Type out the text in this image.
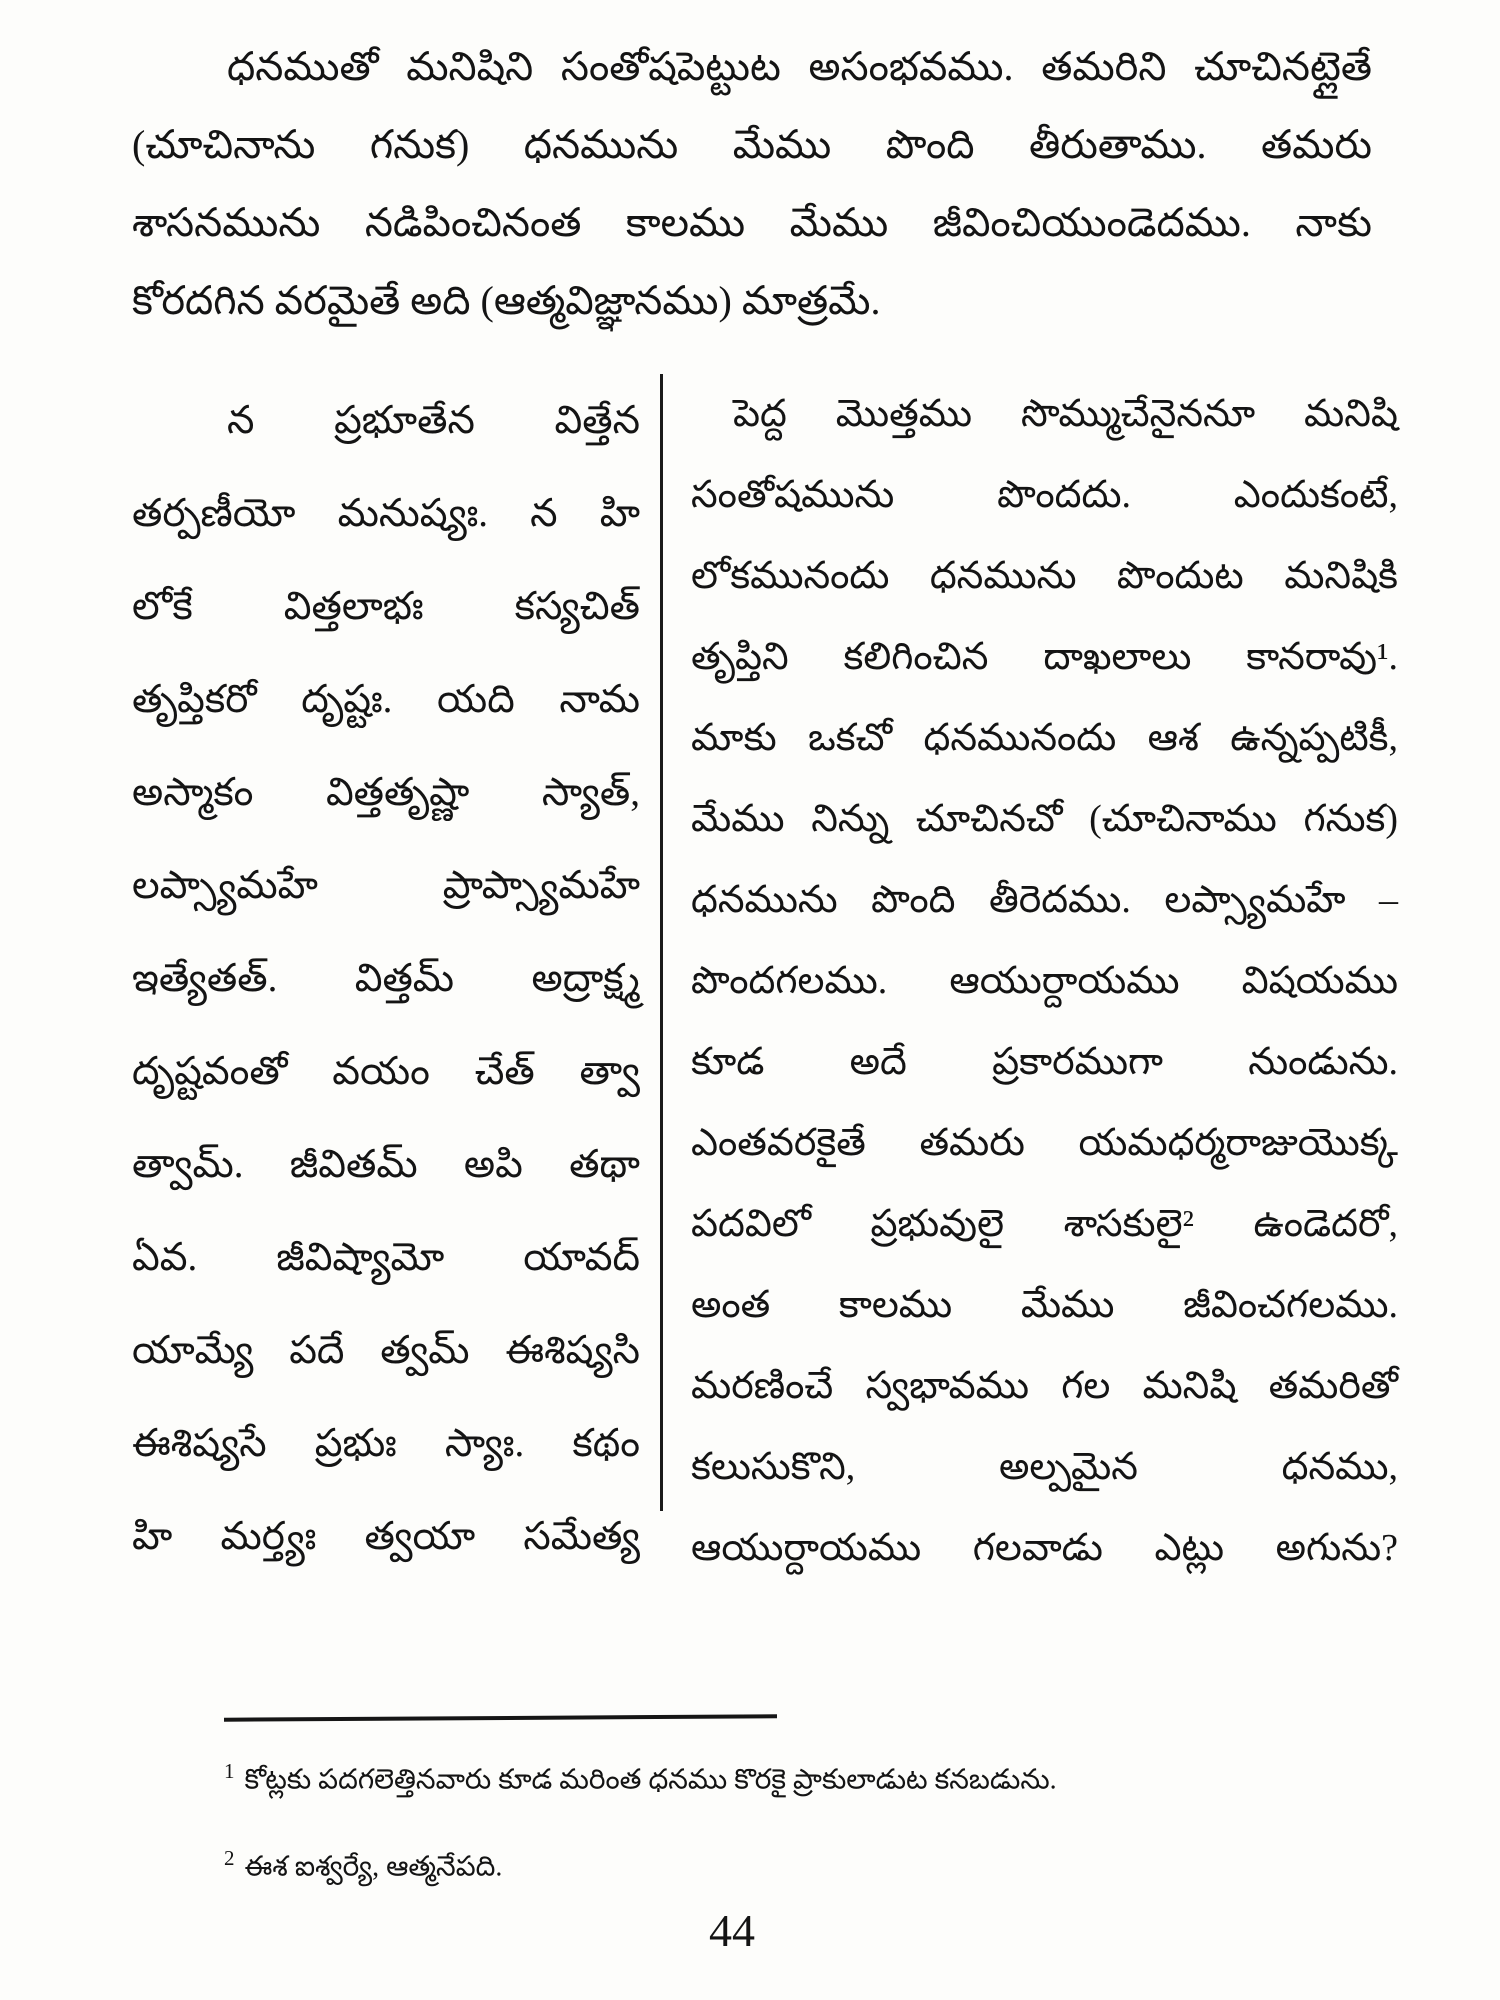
ధనముతో మనిషిని సంతోషపెట్టుట అసంభవము. తమరిని చూచినట్లైతే
(చూచినాను గనుక) ధనమును మేము పొంది తీరుతాము. తమరు
శాసనమును నడిపించినంత కాలము మేము జీవించియుండెదము. నాకు
కోరదగిన వరమైతే అది (ఆత్మవిజ్ఞానము) మాత్రమే.
న ప్రభూతేన విత్తేన
తర్పణీయో మనుష్యః. న హి
లోకే విత్తలాభః కస్యచిత్
తృప్తికరో దృష్టః. యది నామ
అస్మాకం విత్తతృష్ణా స్యాత్,
లప్స్యామహే ప్రాప్స్యామహే
ఇత్యేతత్. విత్తమ్ అద్రాక్ష్మ
దృష్టవంతో వయం చేత్ త్వా
త్వామ్. జీవితమ్ అపి తథా
ఏవ. జీవిష్యామో యావద్
యామ్యే పదే త్వమ్ ఈశిష్యసి
ఈశిష్యసే ప్రభుః స్యాః. కథం
హి మర్త్యః త్వయా సమేత్య
పెద్ద మొత్తము సొమ్ముచేనైననూ మనిషి
సంతోషమును పొందదు. ఎందుకంటే,
లోకమునందు ధనమును పొందుట మనిషికి
తృప్తిని కలిగించిన దాఖలాలు కానరావు¹.
మాకు ఒకచో ధనమునందు ఆశ ఉన్నప్పటికీ,
మేము నిన్ను చూచినచో (చూచినాము గనుక)
ధనమును పొంది తీరెదము. లప్స్యామహే –
పొందగలము. ఆయుర్దాయము విషయము
కూడ అదే ప్రకారముగా నుండును.
ఎంతవరకైతే తమరు యమధర్మరాజుయొక్క
పదవిలో ప్రభువులై శాసకులై² ఉండెదరో,
అంత కాలము మేము జీవించగలము.
మరణించే స్వభావము గల మనిషి తమరితో
కలుసుకొని, అల్పమైన ధనము,
ఆయుర్దాయము గలవాడు ఎట్లు అగును?
$^1$ కోట్లకు పదగలెత్తినవారు కూడ మరింత ధనము కొరకై ప్రాకులాడుట కనబడును.
$^2$ ఈశ ఐశ్వర్యే, ఆత్మనేపది.
44
